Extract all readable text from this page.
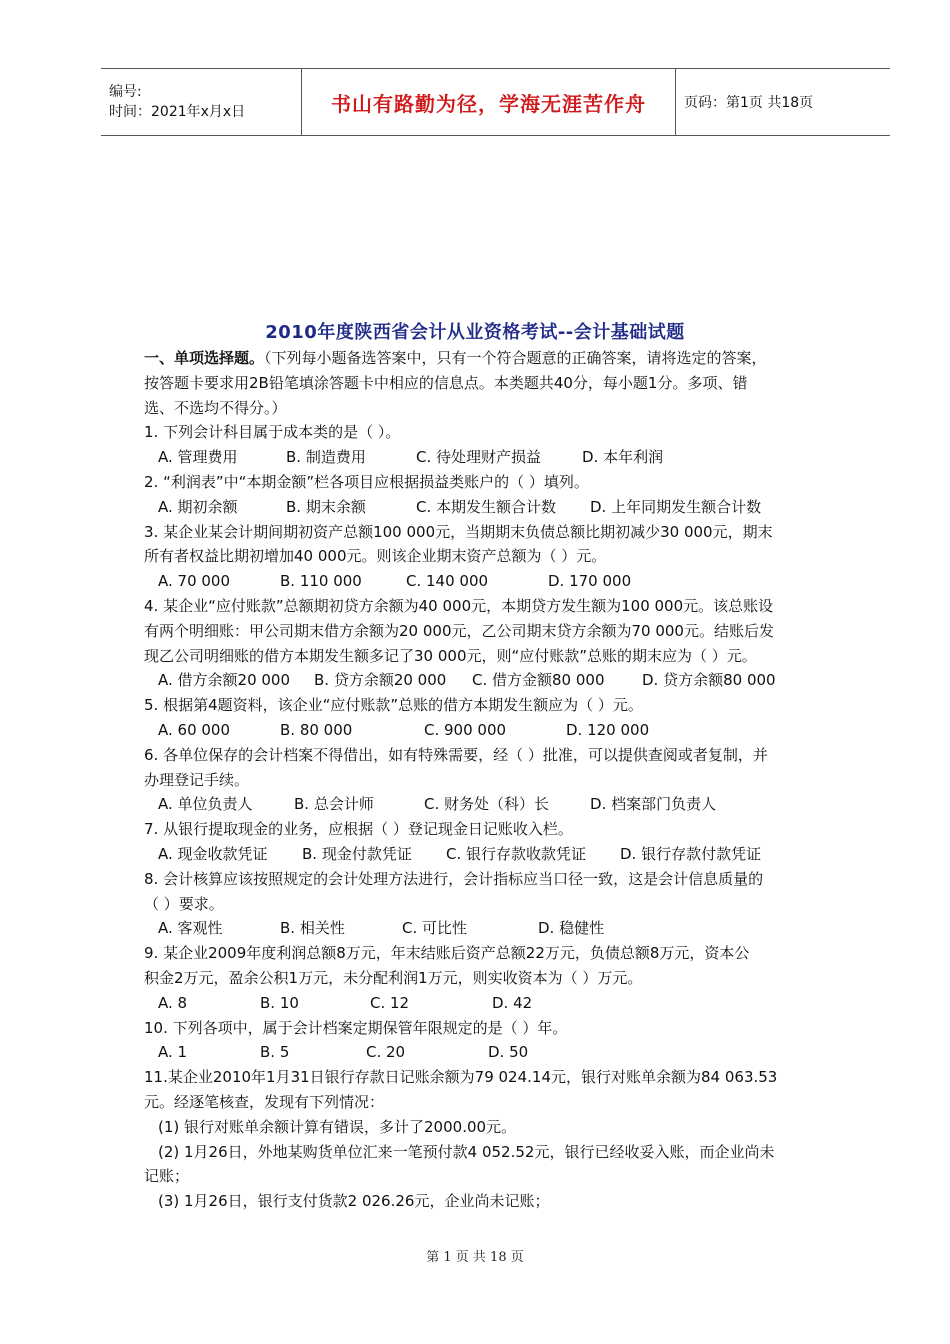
编号:
时间：2021年x月x日	书山有路勤为径，学海无涯苦作舟	页码：第1页 共18页
2010年度陕西省会计从业资格考试--会计基础试题

一、单项选择题。（下列每小题备选答案中，只有一个符合题意的正确答案，请将选定的答案，

按答题卡要求用2B铅笔填涂答题卡中相应的信息点。本类题共40分，每小题1分。多项、错

选、不选均不得分。）

1. 下列会计科目属于成本类的是（ ）。

A. 管理费用	B. 制造费用	C. 待处理财产损益	D. 本年利润

2. “利润表”中“本期金额”栏各项目应根据损益类账户的（ ）填列。

A. 期初余额	B. 期末余额	C. 本期发生额合计数 D. 上年同期发生额合计数

3. 某企业某会计期间期初资产总额100 000元，当期期末负债总额比期初减少30 000元，期末

所有者权益比期初增加40 000元。则该企业期末资产总额为（ ）元。

A. 70 000	B. 110 000	C. 140 000	D. 170 000

4. 某企业“应付账款”总额期初贷方余额为40 000元，本期贷方发生额为100 000元。该总账设

有两个明细账：甲公司期末借方余额为20 000元，乙公司期末贷方余额为70 000元。结账后发

现乙公司明细账的借方本期发生额多记了30 000元，则“应付账款”总账的期末应为（ ）元。

A. 借方余额20 000 B. 贷方余额20 000 C. 借方金额80 000	D. 贷方余额80 000

5. 根据第4题资料，该企业“应付账款”总账的借方本期发生额应为（ ）元。

A. 60 000	B. 80 000	C. 900 000	D. 120 000

6. 各单位保存的会计档案不得借出，如有特殊需要，经（ ）批准，可以提供查阅或者复制，并

办理登记手续。

A. 单位负责人	B. 总会计师	C. 财务处（科）长	D. 档案部门负责人

7. 从银行提取现金的业务，应根据（ ）登记现金日记账收入栏。

A. 现金收款凭证 B. 现金付款凭证 C. 银行存款收款凭证 D. 银行存款付款凭证

8. 会计核算应该按照规定的会计处理方法进行，会计指标应当口径一致，这是会计信息质量的

（ ）要求。

A. 客观性	B. 相关性	C. 可比性	D. 稳健性

9. 某企业2009年度利润总额8万元，年末结账后资产总额22万元，负债总额8万元，资本公

积金2万元，盈余公积1万元，未分配利润1万元，则实收资本为（ ）万元。

A. 8	B. 10	C. 12	D. 42

10. 下列各项中，属于会计档案定期保管年限规定的是（ ）年。

A. 1	B. 5	C. 20	D. 50

11.某企业2010年1月31日银行存款日记账余额为79 024.14元，银行对账单余额为84 063.53

元。经逐笔核查，发现有下列情况：

(1) 银行对账单余额计算有错误，多计了2000.00元。

(2) 1月26日，外地某购货单位汇来一笔预付款4 052.52元，银行已经收妥入账，而企业尚未

记账；

(3) 1月26日，银行支付货款2 026.26元，企业尚未记账；

第 1 页 共 18 页
